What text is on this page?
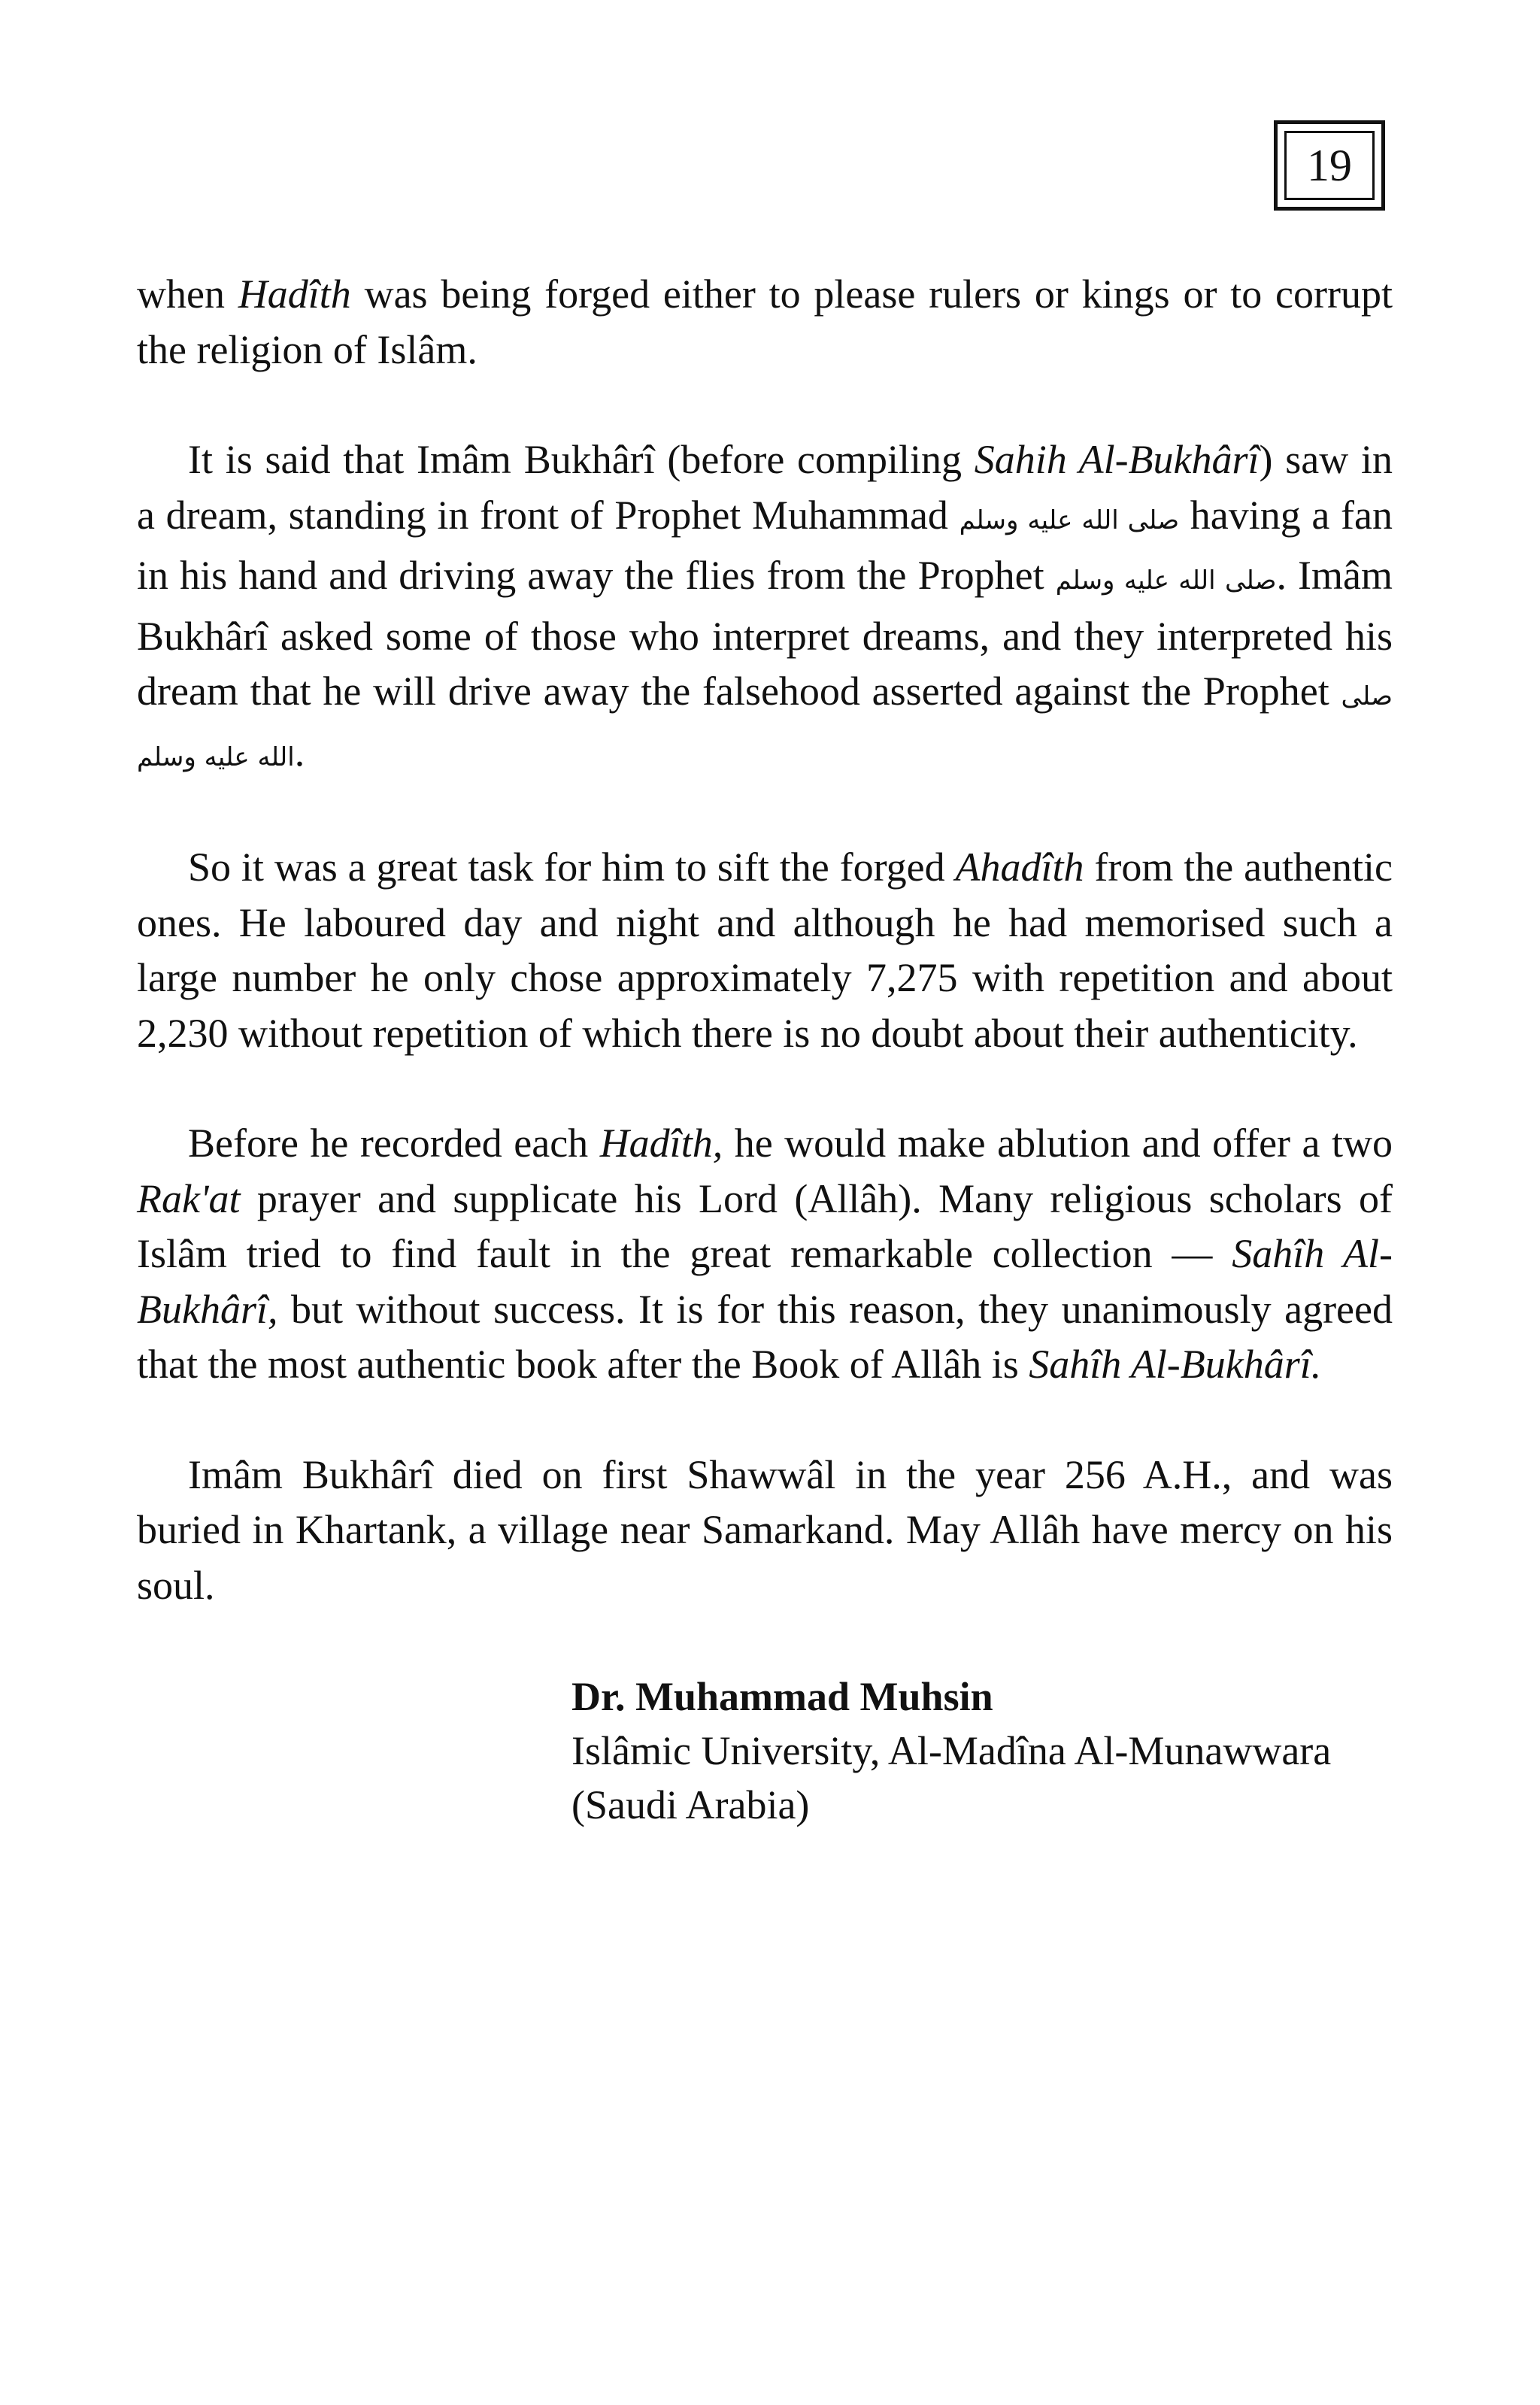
19

when Hadîth was being forged either to please rulers or kings or to corrupt the religion of Islâm.

It is said that Imâm Bukhârî (before compiling Sahih Al-Bukhârî) saw in a dream, standing in front of Prophet Muhammad صلى الله عليه وسلم having a fan in his hand and driving away the flies from the Prophet صلى الله عليه وسلم. Imâm Bukhârî asked some of those who interpret dreams, and they interpreted his dream that he will drive away the falsehood asserted against the Prophet صلى الله عليه وسلم.

So it was a great task for him to sift the forged Ahadîth from the authentic ones. He laboured day and night and although he had memorised such a large number he only chose approximately 7,275 with repetition and about 2,230 without repetition of which there is no doubt about their authenticity.

Before he recorded each Hadîth, he would make ablution and offer a two Rak'at prayer and supplicate his Lord (Allâh). Many religious scholars of Islâm tried to find fault in the great remarkable collection — Sahîh Al-Bukhârî, but without success. It is for this reason, they unanimously agreed that the most authentic book after the Book of Allâh is Sahîh Al-Bukhârî.

Imâm Bukhârî died on first Shawwâl in the year 256 A.H., and was buried in Khartank, a village near Samarkand. May Allâh have mercy on his soul.

Dr. Muhammad Muhsin
Islâmic University, Al-Madîna Al-Munawwara
(Saudi Arabia)
